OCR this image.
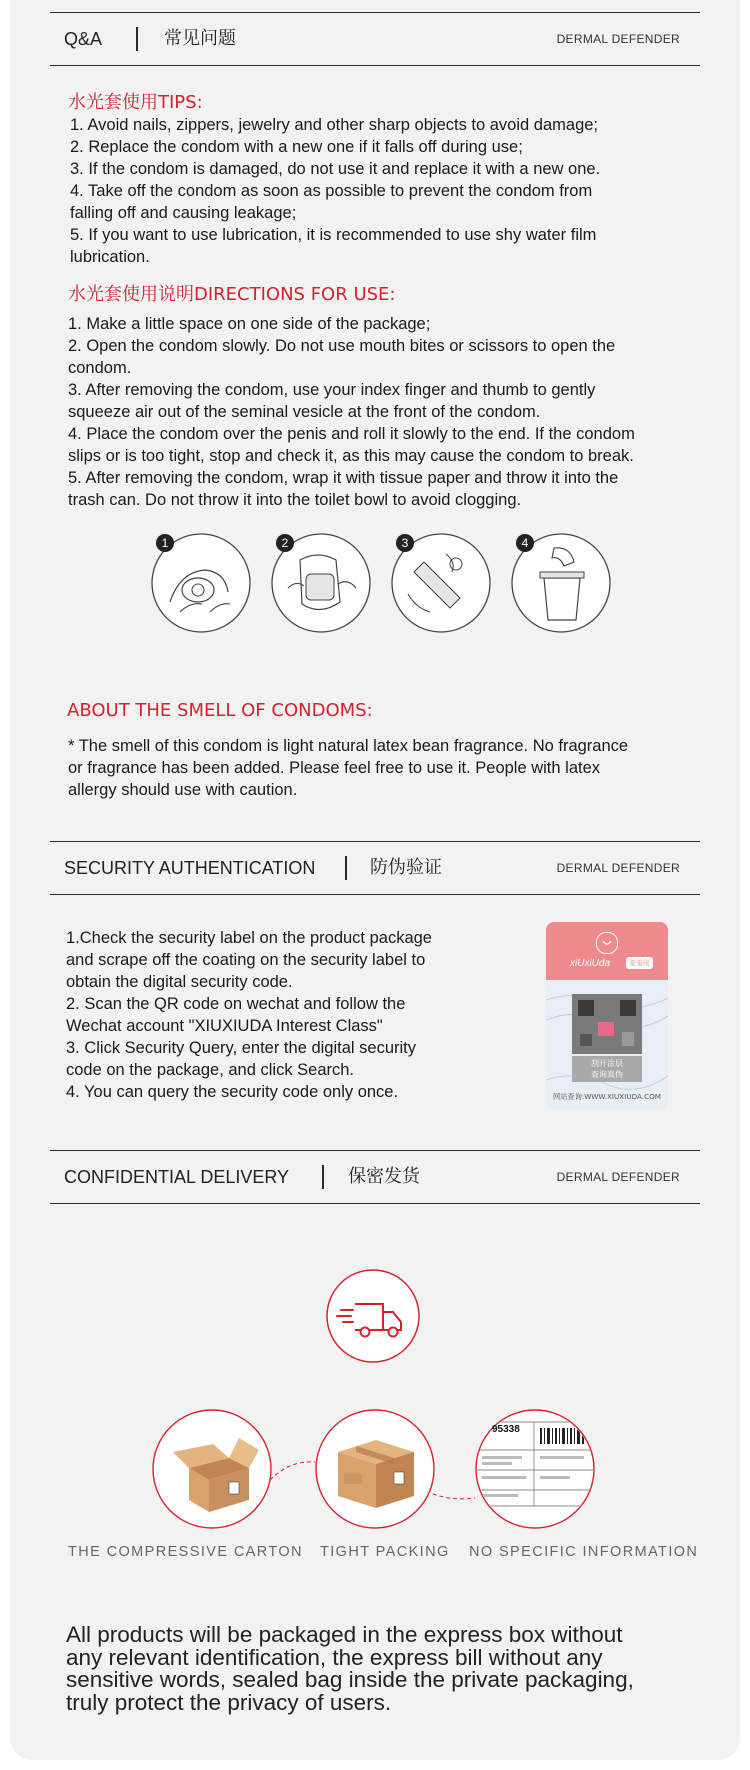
Q&A	常见问题	DERMAL DEFENDER
水光套使用TIPS:
1. Avoid nails, zippers, jewelry and other sharp objects to avoid damage;
2. Replace the condom with a new one if it falls off during use;
3. If the condom is damaged, do not use it and replace it with a new one.
4. Take off the condom as soon as possible to prevent the condom from
falling off and causing leakage;
5. If you want to use lubrication, it is recommended to use shy water film
lubrication.
水光套使用说明DIRECTIONS FOR USE:
1. Make a little space on one side of the package;
2. Open the condom slowly. Do not use mouth bites or scissors to open the
condom.
3. After removing the condom, use your index finger and thumb to gently
squeeze air out of the seminal vesicle at the front of the condom.
4. Place the condom over the penis and roll it slowly to the end. If the condom
slips or is too tight, stop and check it, as this may cause the condom to break.
5. After removing the condom, wrap it with tissue paper and throw it into the
trash can. Do not throw it into the toilet bowl to avoid clogging.
1	2	3	4
ABOUT THE SMELL OF CONDOMS:
* The smell of this condom is light natural latex bean fragrance. No fragrance
or fragrance has been added. Please feel free to use it. People with latex
allergy should use with caution.
SECURITY AUTHENTICATION	防伪验证	DERMAL DEFENDER
1.Check the security label on the product package
and scrape off the coating on the security label to
obtain the digital security code.
2. Scan the QR code on wechat and follow the
Wechat account "XIUXIUDA Interest Class"
3. Click Security Query, enter the digital security
code on the package, and click Search.
4. You can query the security code only once.
xiUxiUda	羞羞哒
刮开涂层
查询真伪
网站查询:WWW.XIUXIUDA.COM
CONFIDENTIAL DELIVERY	保密发货	DERMAL DEFENDER
95338
THE COMPRESSIVE CARTON TIGHT PACKING NO SPECIFIC INFORMATION
All products will be packaged in the express box without
any relevant identification, the express bill without any
sensitive words, sealed bag inside the private packaging,
truly protect the privacy of users.
